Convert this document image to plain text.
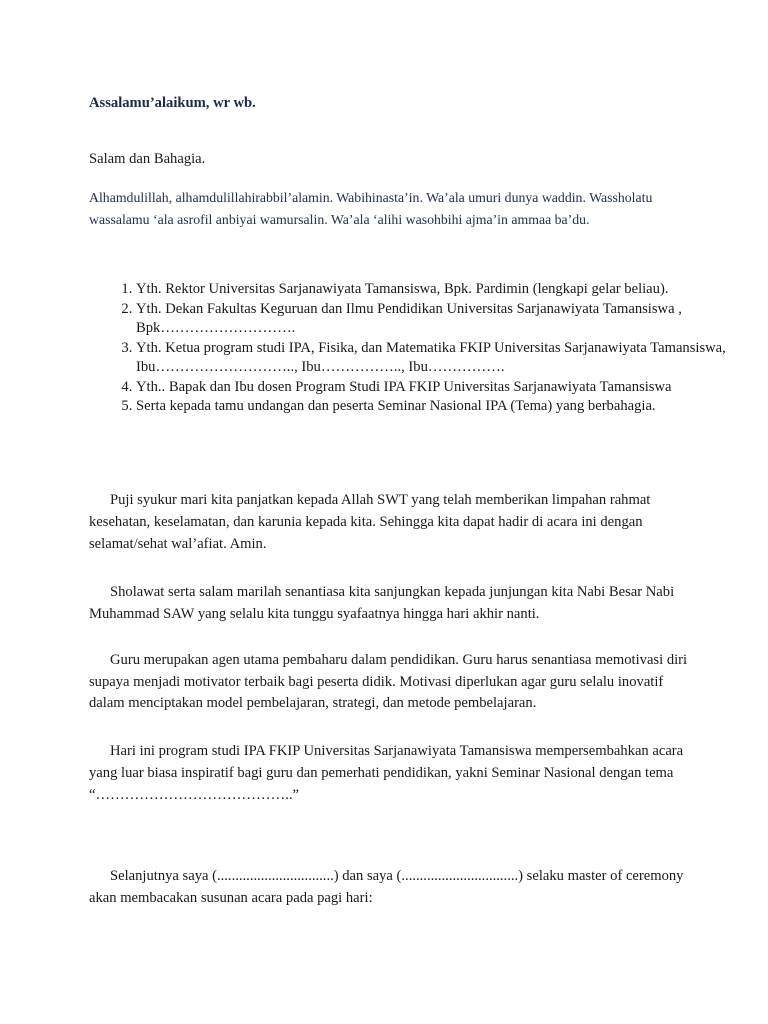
Assalamu’alaikum, wr wb.

Salam dan Bahagia.

Alhamdulillah, alhamdulillahirabbil’alamin. Wabihinasta’in. Wa’ala umuri dunya waddin. Wassholatu wassalamu ‘ala asrofil anbiyai wamursalin. Wa’ala ‘alihi wasohbihi ajma’in ammaa ba’du.

1. Yth. Rektor Universitas Sarjanawiyata Tamansiswa, Bpk. Pardimin (lengkapi gelar beliau).
2. Yth. Dekan Fakultas Keguruan dan Ilmu Pendidikan Universitas Sarjanawiyata Tamansiswa , Bpk……………………….
3. Yth. Ketua program studi IPA, Fisika, dan Matematika FKIP Universitas Sarjanawiyata Tamansiswa, Ibu……………………….., Ibu…………….., Ibu…………….
4. Yth.. Bapak dan Ibu dosen Program Studi IPA FKIP Universitas Sarjanawiyata Tamansiswa
5. Serta kepada tamu undangan dan peserta Seminar Nasional IPA (Tema) yang berbahagia.

Puji syukur mari kita panjatkan kepada Allah SWT yang telah memberikan limpahan rahmat kesehatan, keselamatan, dan karunia kepada kita. Sehingga kita dapat hadir di acara ini dengan selamat/sehat wal’afiat. Amin.

Sholawat serta salam marilah senantiasa kita sanjungkan kepada junjungan kita Nabi Besar Nabi Muhammad SAW yang selalu kita tunggu syafaatnya hingga hari akhir nanti.

Guru merupakan agen utama pembaharu dalam pendidikan. Guru harus senantiasa memotivasi diri supaya menjadi motivator terbaik bagi peserta didik. Motivasi diperlukan agar guru selalu inovatif dalam menciptakan model pembelajaran, strategi, dan metode pembelajaran.

Hari ini program studi IPA FKIP Universitas Sarjanawiyata Tamansiswa mempersembahkan acara yang luar biasa inspiratif bagi guru dan pemerhati pendidikan, yakni Seminar Nasional dengan tema “…………………………………..”

Selanjutnya saya (................................) dan saya (................................) selaku master of ceremony akan membacakan susunan acara pada pagi hari:
